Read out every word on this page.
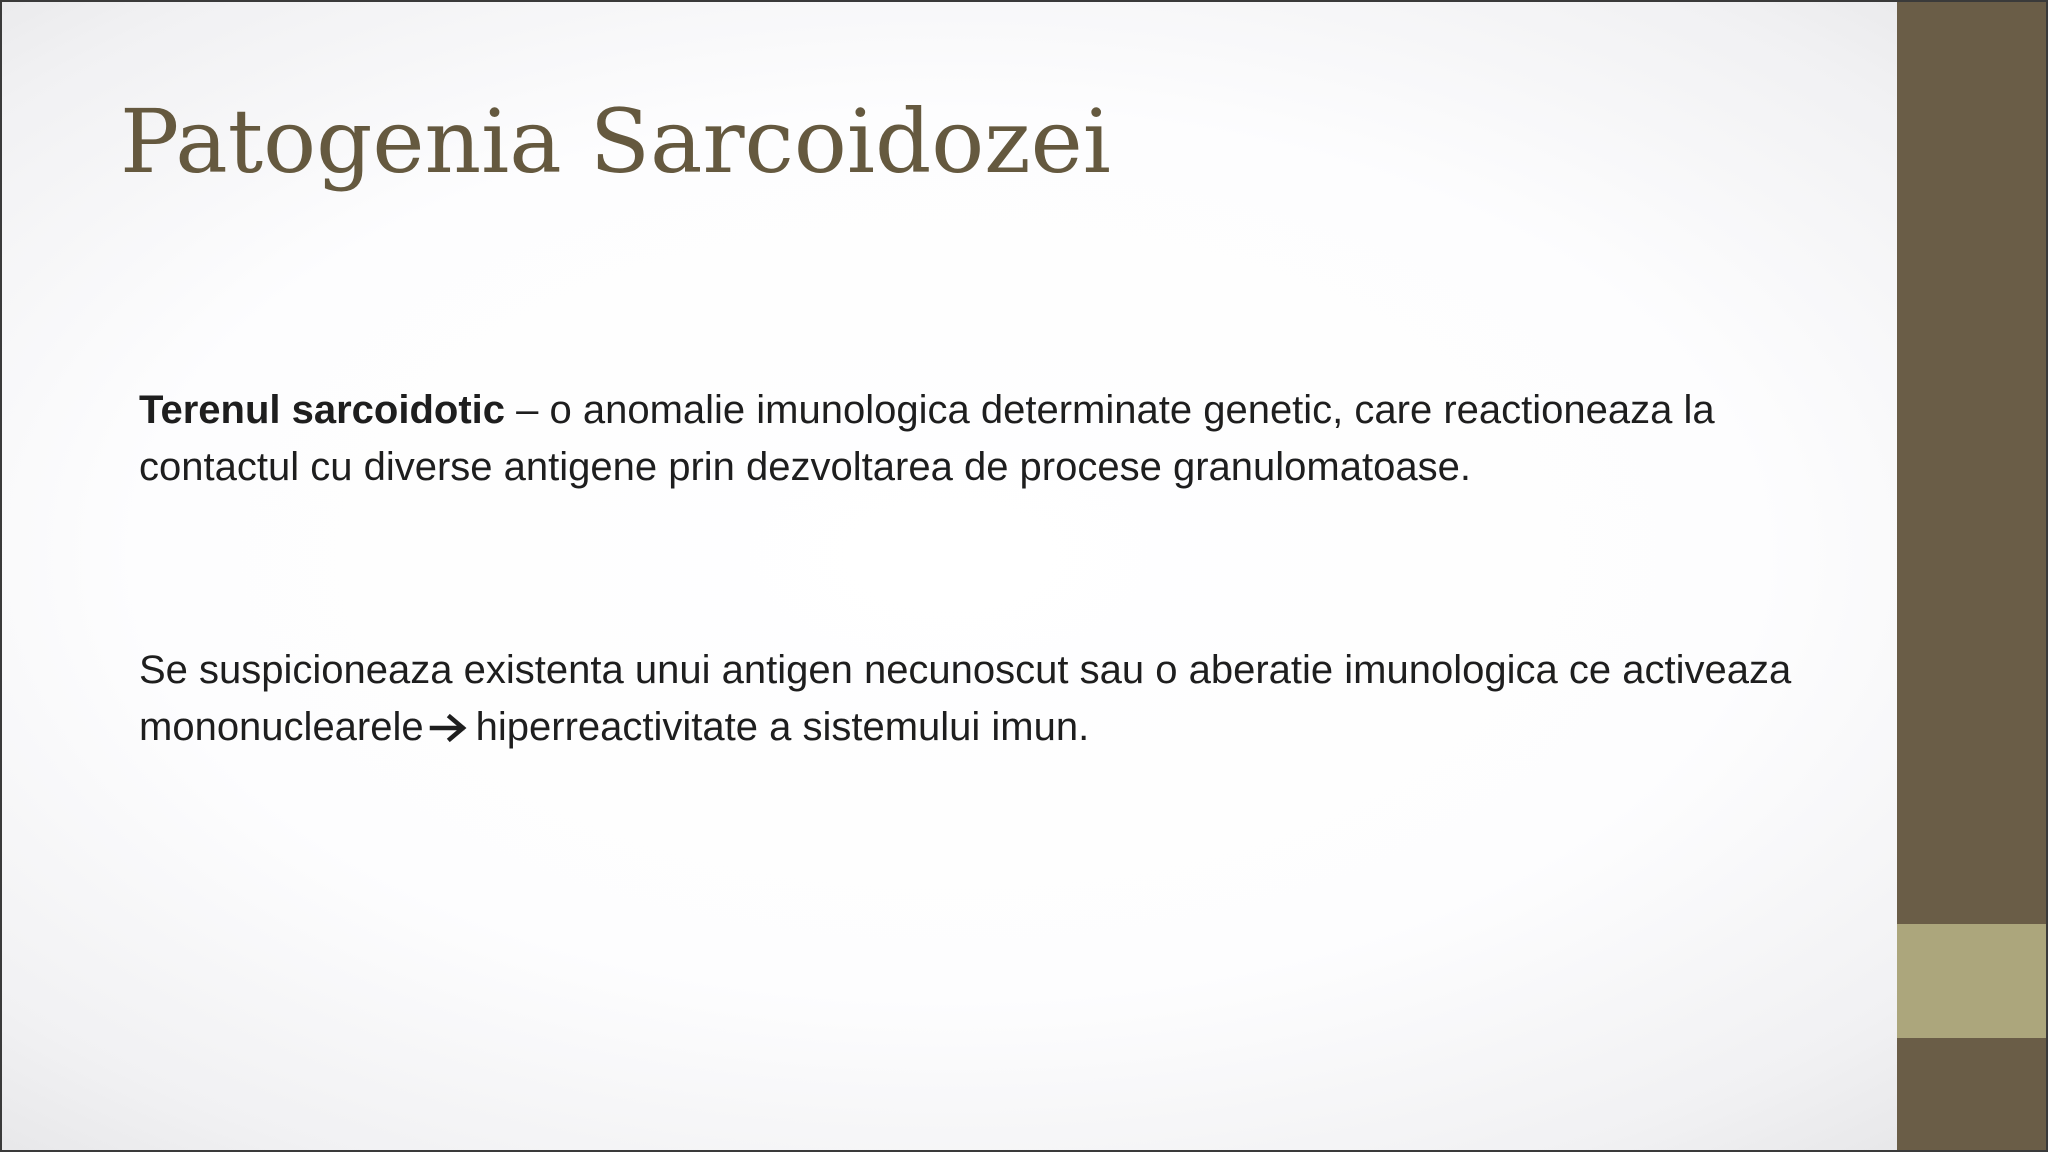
Patogenia Sarcoidozei

Terenul sarcoidotic – o anomalie imunologica determinate genetic, care reactioneaza la contactul cu diverse antigene prin dezvoltarea de procese granulomatoase.

Se suspicioneaza existenta unui antigen necunoscut sau o aberatie imunologica ce activeaza mononuclearele hiperreactivitate a sistemului imun.
